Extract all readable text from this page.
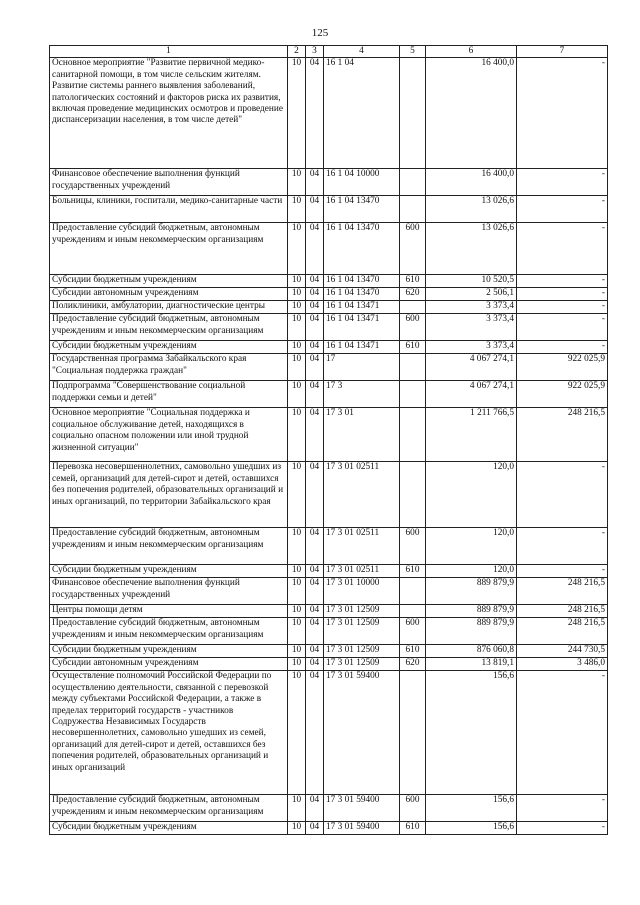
125
1	2	3	4	5	6	7
Основное мероприятие "Развитие первичной медико-санитарной помощи, в том числе сельским жителям. Развитие системы раннего выявления заболеваний, патологических состояний и факторов риска их развития, включая проведение медицинских осмотров и проведение диспансеризации населения, в том числе детей"	10	04	16 1 04		16 400,0	-
Финансовое обеспечение выполнения функций государственных учреждений	10	04	16 1 04 10000		16 400,0	-
Больницы, клиники, госпитали, медико-санитарные части	10	04	16 1 04 13470		13 026,6	-
Предоставление субсидий бюджетным, автономным учреждениям и иным некоммерческим организациям	10	04	16 1 04 13470	600	13 026,6	-
Субсидии бюджетным учреждениям	10	04	16 1 04 13470	610	10 520,5	-
Субсидии автономным учреждениям	10	04	16 1 04 13470	620	2 506,1	-
Поликлиники, амбулатории, диагностические центры	10	04	16 1 04 13471		3 373,4	-
Предоставление субсидий бюджетным, автономным учреждениям и иным некоммерческим организациям	10	04	16 1 04 13471	600	3 373,4	-
Субсидии бюджетным учреждениям	10	04	16 1 04 13471	610	3 373,4	-
Государственная программа Забайкальского края "Социальная поддержка граждан"	10	04	17		4 067 274,1	922 025,9
Подпрограмма "Совершенствование социальной поддержки семьи и детей"	10	04	17 3		4 067 274,1	922 025,9
Основное мероприятие "Социальная поддержка и социальное обслуживание детей, находящихся в социально опасном положении или иной трудной жизненной ситуации"	10	04	17 3 01		1 211 766,5	248 216,5
Перевозка несовершеннолетних, самовольно ушедших из семей, организаций для детей-сирот и детей, оставшихся без попечения родителей, образовательных организаций и иных организаций, по территории Забайкальского края	10	04	17 3 01 02511		120,0	-
Предоставление субсидий бюджетным, автономным учреждениям и иным некоммерческим организациям	10	04	17 3 01 02511	600	120,0	-
Субсидии бюджетным учреждениям	10	04	17 3 01 02511	610	120,0	-
Финансовое обеспечение выполнения функций государственных учреждений	10	04	17 3 01 10000		889 879,9	248 216,5
Центры помощи детям	10	04	17 3 01 12509		889 879,9	248 216,5
Предоставление субсидий бюджетным, автономным учреждениям и иным некоммерческим организациям	10	04	17 3 01 12509	600	889 879,9	248 216,5
Субсидии бюджетным учреждениям	10	04	17 3 01 12509	610	876 060,8	244 730,5
Субсидии автономным учреждениям	10	04	17 3 01 12509	620	13 819,1	3 486,0
Осуществление полномочий Российской Федерации по осуществлению деятельности, связанной с перевозкой между субъектами Российской Федерации, а также в пределах территорий государств - участников Содружества Независимых Государств несовершеннолетних, самовольно ушедших из семей, организаций для детей-сирот и детей, оставшихся без попечения родителей, образовательных организаций и иных организаций	10	04	17 3 01 59400		156,6	-
Предоставление субсидий бюджетным, автономным учреждениям и иным некоммерческим организациям	10	04	17 3 01 59400	600	156,6	-
Субсидии бюджетным учреждениям	10	04	17 3 01 59400	610	156,6	-
